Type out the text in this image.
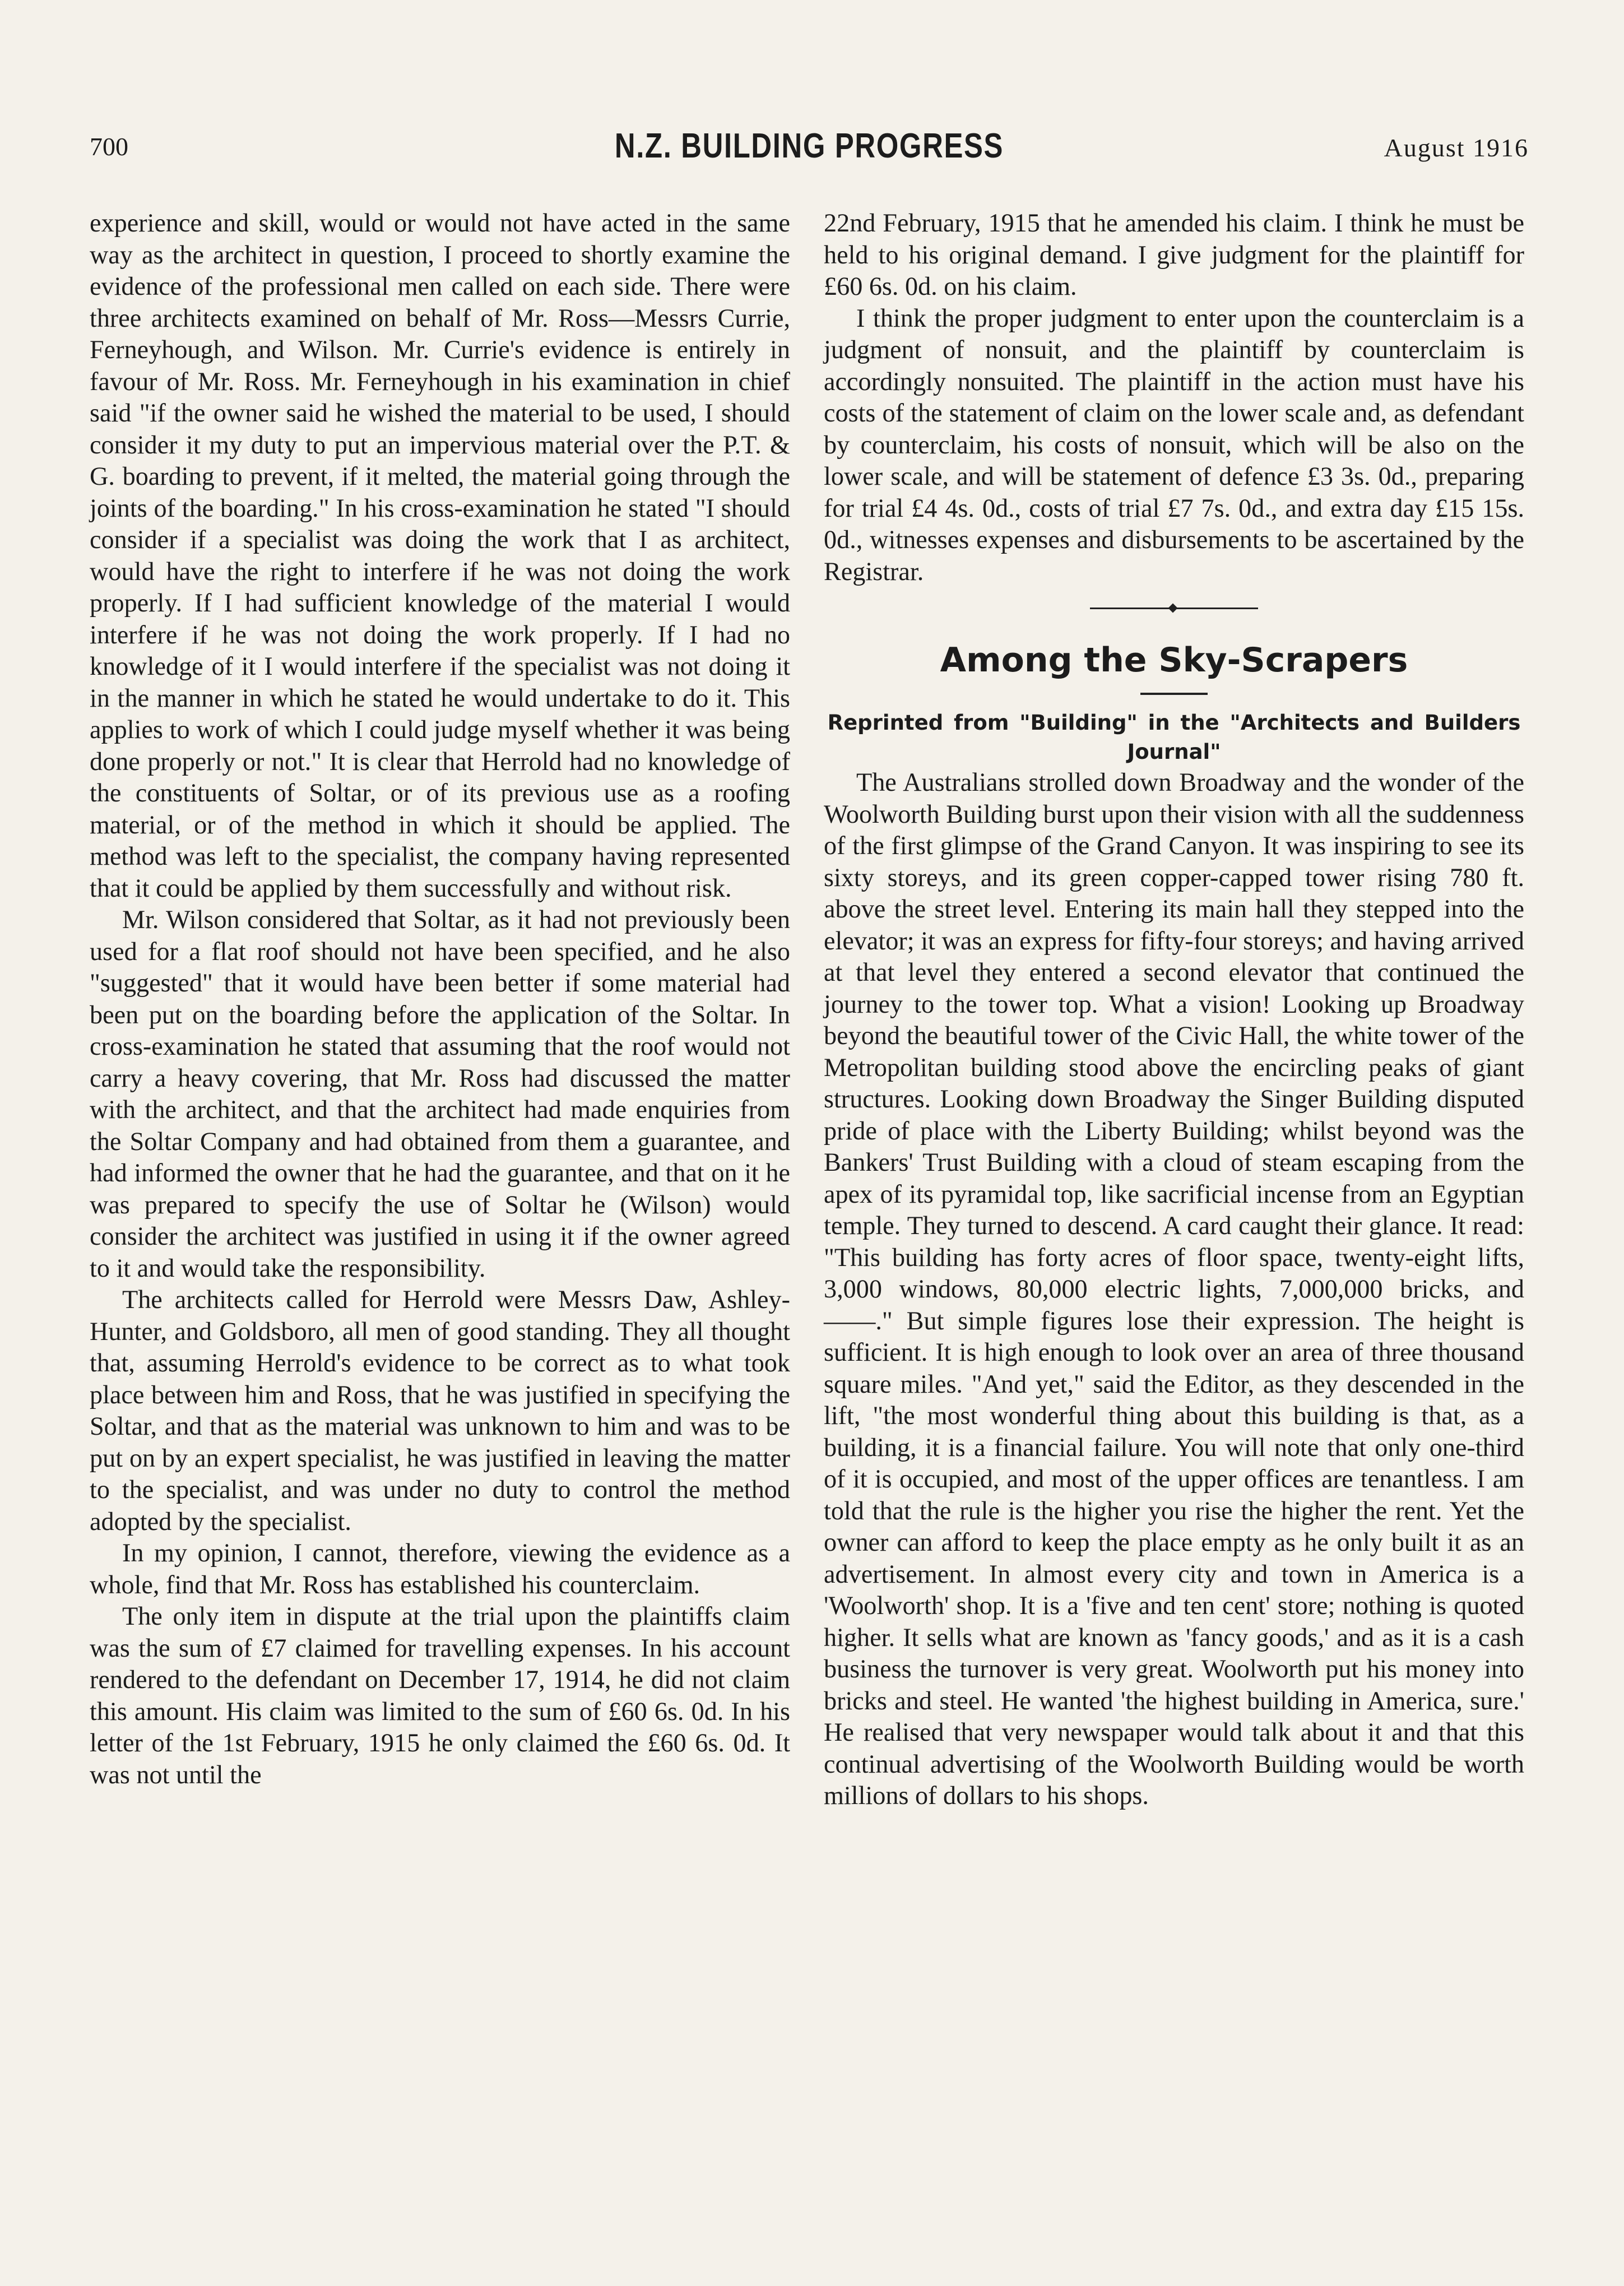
700	N.Z. BUILDING PROGRESS	August 1916

experience and skill, would or would not have acted in the same way as the architect in question, I proceed to shortly examine the evidence of the professional men called on each side. There were three architects examined on behalf of Mr. Ross—Messrs Currie, Ferneyhough, and Wilson. Mr. Currie's evidence is entirely in favour of Mr. Ross. Mr. Ferneyhough in his examination in chief said "if the owner said he wished the material to be used, I should consider it my duty to put an impervious material over the P.T. & G. boarding to prevent, if it melted, the material going through the joints of the boarding." In his cross-examination he stated "I should consider if a specialist was doing the work that I as architect, would have the right to interfere if he was not doing the work properly. If I had sufficient knowledge of the material I would interfere if he was not doing the work properly. If I had no knowledge of it I would interfere if the specialist was not doing it in the manner in which he stated he would undertake to do it. This applies to work of which I could judge myself whether it was being done properly or not." It is clear that Herrold had no knowledge of the constituents of Soltar, or of its previous use as a roofing material, or of the method in which it should be applied. The method was left to the specialist, the company having represented that it could be applied by them successfully and without risk.

Mr. Wilson considered that Soltar, as it had not previously been used for a flat roof should not have been specified, and he also "suggested" that it would have been better if some material had been put on the boarding before the application of the Soltar. In cross-examination he stated that assuming that the roof would not carry a heavy covering, that Mr. Ross had discussed the matter with the architect, and that the architect had made enquiries from the Soltar Company and had obtained from them a guarantee, and had informed the owner that he had the guarantee, and that on it he was prepared to specify the use of Soltar he (Wilson) would consider the architect was justified in using it if the owner agreed to it and would take the responsibility.

The architects called for Herrold were Messrs Daw, Ashley-Hunter, and Goldsboro, all men of good standing. They all thought that, assuming Herrold's evidence to be correct as to what took place between him and Ross, that he was justified in specifying the Soltar, and that as the material was unknown to him and was to be put on by an expert specialist, he was justified in leaving the matter to the specialist, and was under no duty to control the method adopted by the specialist.

In my opinion, I cannot, therefore, viewing the evidence as a whole, find that Mr. Ross has established his counterclaim.

The only item in dispute at the trial upon the plaintiffs claim was the sum of £7 claimed for travelling expenses. In his account rendered to the defendant on December 17, 1914, he did not claim this amount. His claim was limited to the sum of £60 6s. 0d. In his letter of the 1st February, 1915 he only claimed the £60 6s. 0d. It was not until the

22nd February, 1915 that he amended his claim. I think he must be held to his original demand. I give judgment for the plaintiff for £60 6s. 0d. on his claim.

I think the proper judgment to enter upon the counterclaim is a judgment of nonsuit, and the plaintiff by counterclaim is accordingly nonsuited. The plaintiff in the action must have his costs of the statement of claim on the lower scale and, as defendant by counterclaim, his costs of nonsuit, which will be also on the lower scale, and will be statement of defence £3 3s. 0d., preparing for trial £4 4s. 0d., costs of trial £7 7s. 0d., and extra day £15 15s. 0d., witnesses expenses and disbursements to be ascertained by the Registrar.

Among the Sky-Scrapers

Reprinted from "Building" in the "Architects and Builders Journal"

The Australians strolled down Broadway and the wonder of the Woolworth Building burst upon their vision with all the suddenness of the first glimpse of the Grand Canyon. It was inspiring to see its sixty storeys, and its green copper-capped tower rising 780 ft. above the street level. Entering its main hall they stepped into the elevator; it was an express for fifty-four storeys; and having arrived at that level they entered a second elevator that continued the journey to the tower top. What a vision! Looking up Broadway beyond the beautiful tower of the Civic Hall, the white tower of the Metropolitan building stood above the encircling peaks of giant structures. Looking down Broadway the Singer Building disputed pride of place with the Liberty Building; whilst beyond was the Bankers' Trust Building with a cloud of steam escaping from the apex of its pyramidal top, like sacrificial incense from an Egyptian temple. They turned to descend. A card caught their glance. It read: "This building has forty acres of floor space, twenty-eight lifts, 3,000 windows, 80,000 electric lights, 7,000,000 bricks, and ——." But simple figures lose their expression. The height is sufficient. It is high enough to look over an area of three thousand square miles. "And yet," said the Editor, as they descended in the lift, "the most wonderful thing about this building is that, as a building, it is a financial failure. You will note that only one-third of it is occupied, and most of the upper offices are tenantless. I am told that the rule is the higher you rise the higher the rent. Yet the owner can afford to keep the place empty as he only built it as an advertisement. In almost every city and town in America is a 'Woolworth' shop. It is a 'five and ten cent' store; nothing is quoted higher. It sells what are known as 'fancy goods,' and as it is a cash business the turnover is very great. Woolworth put his money into bricks and steel. He wanted 'the highest building in America, sure.' He realised that very newspaper would talk about it and that this continual advertising of the Woolworth Building would be worth millions of dollars to his shops.
